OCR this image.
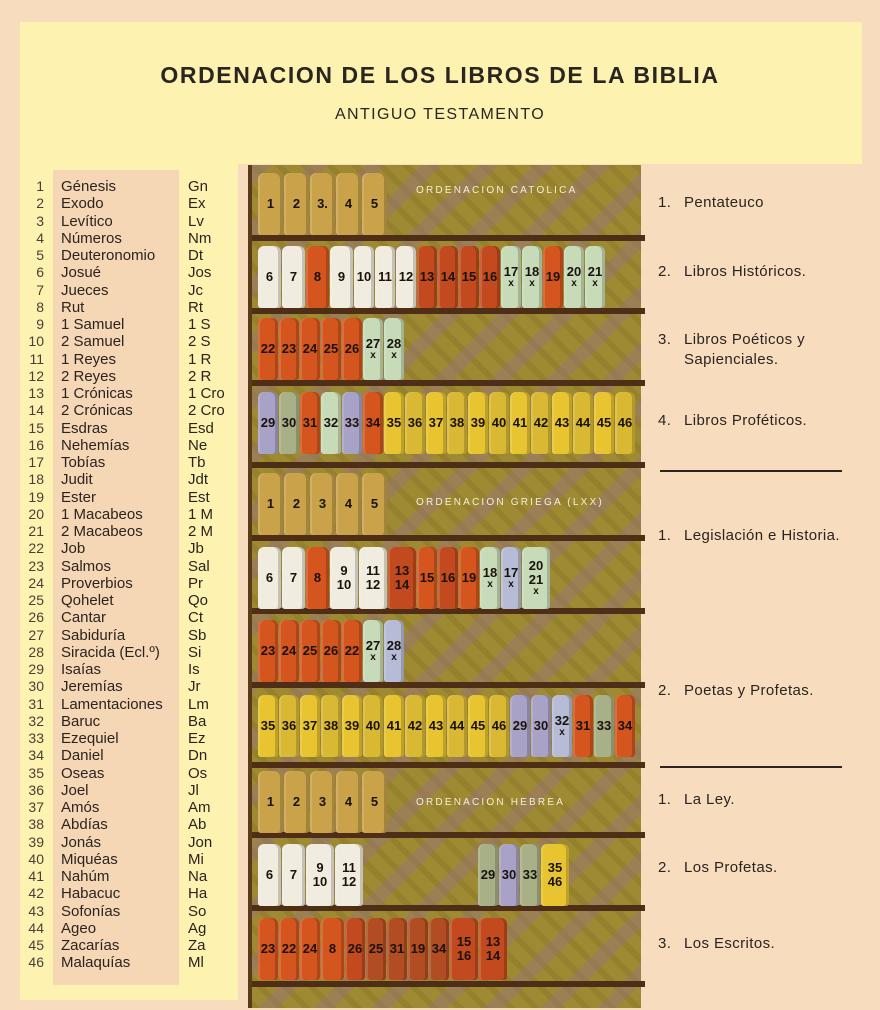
ORDENACION DE LOS LIBROS DE LA BIBLIA
ANTIGUO TESTAMENTO
1	Génesis	Gn
2	Exodo	Ex
3	Levítico	Lv
4	Números	Nm
5	Deuteronomio	Dt
6	Josué	Jos
7	Jueces	Jc
8	Rut	Rt
9	1 Samuel	1 S
10	2 Samuel	2 S
11	1 Reyes	1 R
12	2 Reyes	2 R
13	1 Crónicas	1 Cro
14	2 Crónicas	2 Cro
15	Esdras	Esd
16	Nehemías	Ne
17	Tobías	Tb
18	Judit	Jdt
19	Ester	Est
20	1 Macabeos	1 M
21	2 Macabeos	2 M
22	Job	Jb
23	Salmos	Sal
24	Proverbios	Pr
25	Qohelet	Qo
26	Cantar	Ct
27	Sabiduría	Sb
28	Siracida (Ecl.º)	Si
29	Isaías	Is
30	Jeremías	Jr
31	Lamentaciones	Lm
32	Baruc	Ba
33	Ezequiel	Ez
34	Daniel	Dn
35	Oseas	Os
36	Joel	Jl
37	Amós	Am
38	Abdías	Ab
39	Jonás	Jon
40	Miquéas	Mi
41	Nahúm	Na
42	Habacuc	Ha
43	Sofonías	So
44	Ageo	Ag
45	Zacarías	Za
46	Malaquías	Ml
ORDENACION CATOLICA
ORDENACION GRIEGA (LXX)
ORDENACION HEBREA
1 2 3. 4 5
6 7 8 9 10 11 12 13 14 15 16 17
x
18
x 19 20
x
21
x
22 23 24 25 26 27
x
28
x
29 30 31 32 33 34 35 36 37 38 39 40 41 42 43 44 45 46
1 2 3 4 5
6 7 8 9
10
11
12
13
14 15 16 19 18
x
17
x
20
21
x
23 24 25 26 22 27
x
28
x
35 36 37 38 39 40 41 42 43 44 45 46 29 30 32
x 31 33 34
1 2 3 4 5
6 7 9
10
11
12	29 30 33 35
46
23 22 24 8 26 25 31 19 34 15
16
13
14
1. Pentateuco
2. Libros Históricos.
3. Libros Poéticos y Sapienciales.
4. Libros Proféticos.
1. Legislación e Historia.
2. Poetas y Profetas.
1. La Ley.
2. Los Profetas.
3. Los Escritos.
